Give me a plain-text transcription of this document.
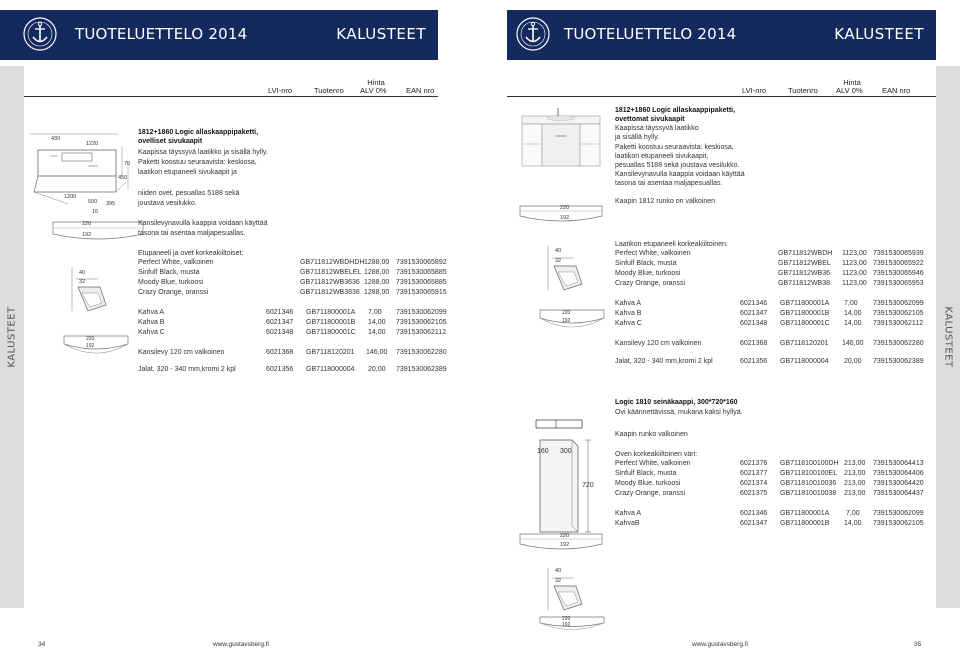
TUOTELUETTELO 2014	KALUSTEET
KALUSTEET
LVI-nro	Tuotenro
Hinta
ALV 0%	EAN nro
430
1220
70
450
1200
500 395
16
220
192
40
32
220
192
1812+1860 Logic allaskaappipaketti,
ovelliset sivukaapit
Kaapissa täyssyvä laatikko ja sisällä hylly.
Paketti koostuu seuraavista: keskiosa,
laatikon etupaneeli sivukaapit ja
niiden ovet, pesuallas 5188 sekä
joustava vesilukko.
Kansilevynavulla kaappia voidaan käyttää
tasona tai asentaa maljapesuallas.
Etupaneeli ja ovet korkeakiiltoiset:
Perfect White, valkoinen	GB711812WBDHDH 1288,00 7391530065892
Sinfulf Black, musta	GB711812WBELEL 1288,00 7391530065885
Moody Blue, turkoosi	GB711812WB3636 1288,00 7391530065885
Crazy Orange, oranssi	GB711812WB3838 1288,00 7391530065915
Kahva A	6021346 GB711800001A 7,00 7391530062099
Kahva B	6021347 GB711800001B 14,00 7391530062105
Kahva C	6021348 GB711800001C 14,00 7391530062112
Kansilevy 120 cm valkoinen	6021368 GB7118120201 146,00 7391530062280
Jalat, 320 - 340 mm,kromi 2 kpl	6021356 GB7118000004 20,00 7391530062389
34	www.gustavsberg.fi
TUOTELUETTELO 2014	KALUSTEET
KALUSTEET
LVI-nro	Tuotenro
Hinta
ALV 0%	EAN nro
220
192
40
32
220
192
1812+1860 Logic allaskaappipaketti,
ovettomat sivukaapit
Kaapissa täyssyvä laatikko
ja sisällä hylly.
Paketti koostuu seuraavista: keskiosa,
laatikon etupaneeli sivukaapit,
pesuallas 5188 sekä joustava vesilukko.
Kansilevynavulla kaappia voidaan käyttää
tasona tai asentaa maljapesuallas.
Kaapin 1812 runko on valkoinen
Laatikon etupaneeli korkeakiiltoinen:
Perfect White, valkoinen	GB711812WBDH 1123,00 7391530065939
Sinfulf Black, musta	GB711812WBEL 1123,00 7391530065922
Moody Blue, turkoosi	GB711812WB36 1123,00 7391530065946
Crazy Orange, oranssi	GB711812WB38 1123,00 7391530065953
Kahva A	6021346 GB711800001A 7,00 7391530062099
Kahva B	6021347 GB711800001B 14,00 7391530062105
Kahva C	6021348 GB711800001C 14,00 7391530062112
Kansilevy 120 cm valkoinen	6021368 GB7118120201 146,00 7391530062280
Jalat, 320 - 340 mm,kromi 2 kpl	6021356 GB7118000004 20,00 7391530062389
160 300
720
220
192
40
32
220
192
Logic 1810 seinäkaappi, 300*720*160
Ovi käännettävissä, mukana kaksi hyllyä.
Kaapin runko valkoinen
Oven korkeakiiltoinen väri:
Perfect White, valkoinen	6021376 GB7118100100DH 213,00 7391530064413
Sinfulf Black, musta	6021377 GB7118100100EL 213,00 7391530064406
Moody Blue, turkoosi	6021374 GB711810010036 213,00 7391530064420
Crazy Orange, oranssi	6021375 GB711810010038 213,00 7391530064437
Kahva A	6021346 GB711800001A 7,00 7391530062099
KahvaB	6021347 GB711800001B 14,00 7391530062105
www.gustavsberg.fi	35
